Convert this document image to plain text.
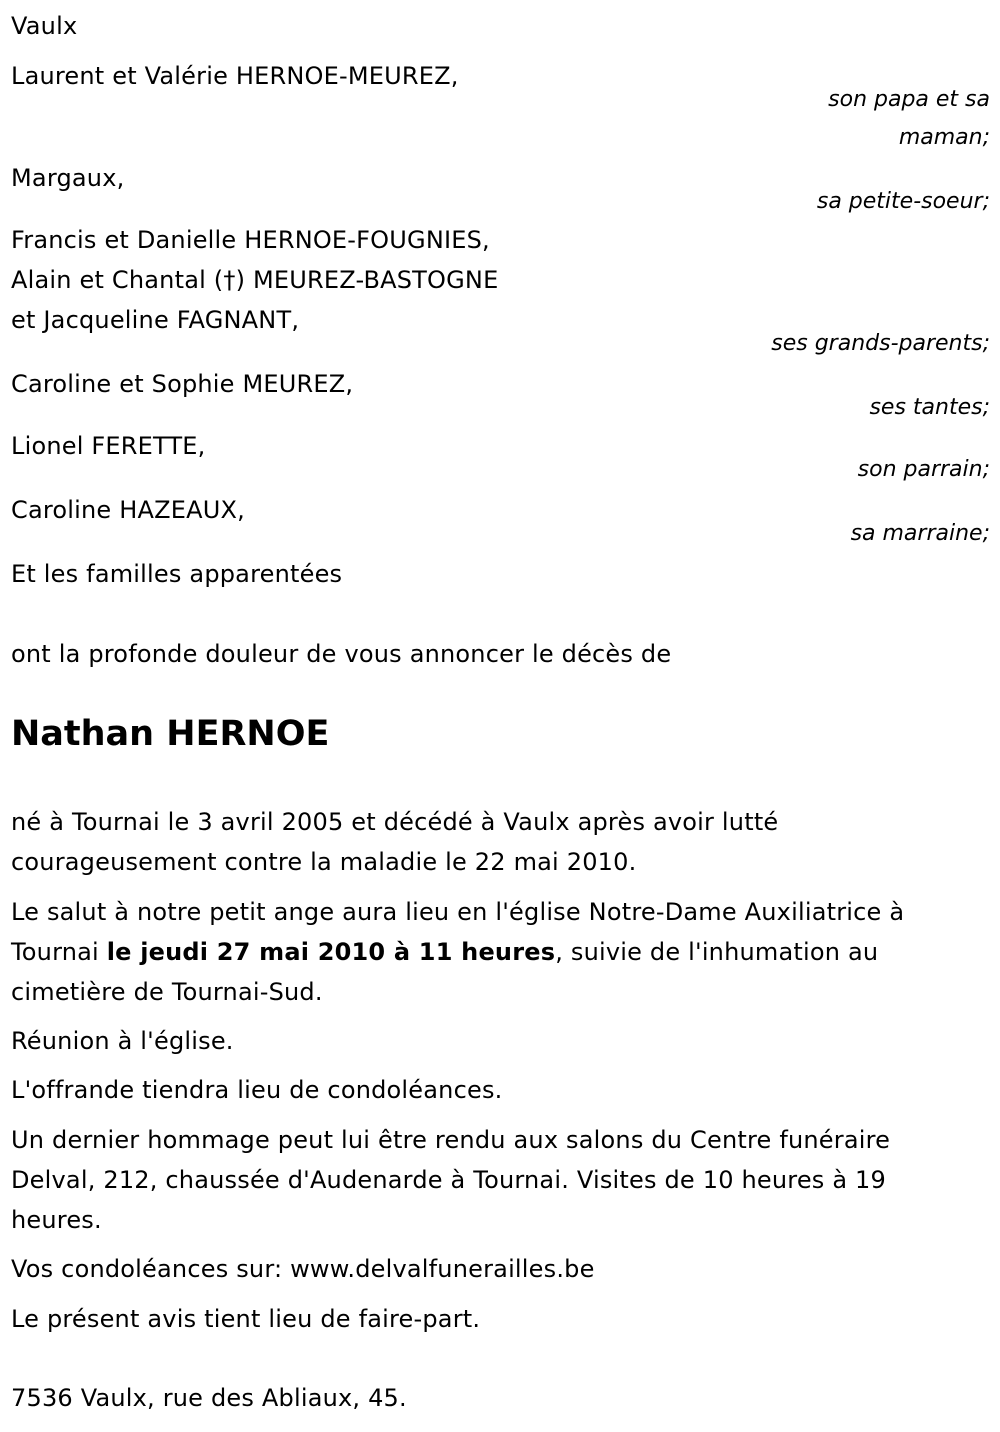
Vaulx
Laurent et Valérie HERNOE-MEUREZ,
son papa et sa
maman;
Margaux,
sa petite-soeur;
Francis et Danielle HERNOE-FOUGNIES,
Alain et Chantal (†) MEUREZ-BASTOGNE
et Jacqueline FAGNANT,
ses grands-parents;
Caroline et Sophie MEUREZ,
ses tantes;
Lionel FERETTE,
son parrain;
Caroline HAZEAUX,
sa marraine;
Et les familles apparentées
ont la profonde douleur de vous annoncer le décès de
Nathan HERNOE
né à Tournai le 3 avril 2005 et décédé à Vaulx après avoir lutté
courageusement contre la maladie le 22 mai 2010.
Le salut à notre petit ange aura lieu en l'église Notre-Dame Auxiliatrice à
Tournai le jeudi 27 mai 2010 à 11 heures, suivie de l'inhumation au
cimetière de Tournai-Sud.
Réunion à l'église.
L'offrande tiendra lieu de condoléances.
Un dernier hommage peut lui être rendu aux salons du Centre funéraire
Delval, 212, chaussée d'Audenarde à Tournai. Visites de 10 heures à 19
heures.
Vos condoléances sur: www.delvalfunerailles.be
Le présent avis tient lieu de faire-part.
7536 Vaulx, rue des Abliaux, 45.
